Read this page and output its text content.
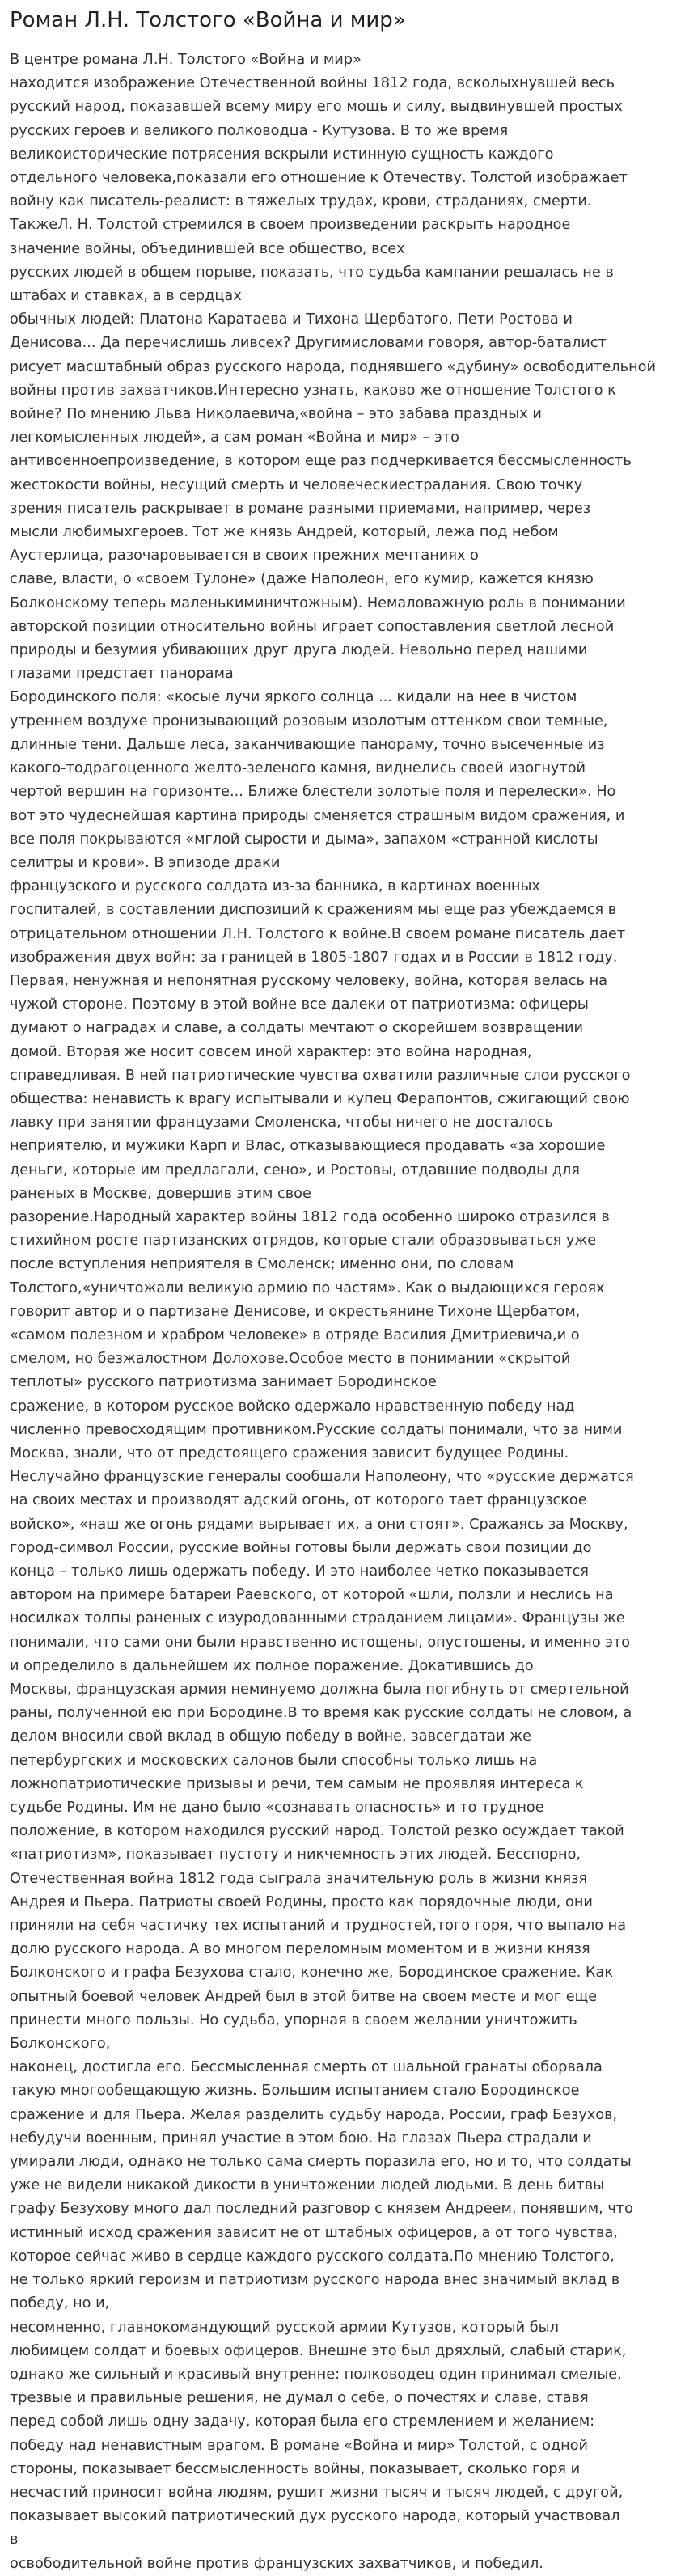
Роман Л.Н. Толстого «Война и мир»
В центре романа Л.Н. Толстого «Война и мир»
находится изображение Отечественной войны 1812 года, всколыхнувшей весь
русский народ, показавшей всему миру его мощь и силу, выдвинувшей простых
русских героев и великого полководца - Кутузова. В то же время
великоисторические потрясения вскрыли истинную сущность каждого
отдельного человека,показали его отношение к Отечеству. Толстой изображает
войну как писатель-реалист: в тяжелых трудах, крови, страданиях, смерти.
ТакжеЛ. Н. Толстой стремился в своем произведении раскрыть народное
значение войны, объединившей все общество, всех
русских людей в общем порыве, показать, что судьба кампании решалась не в
штабах и ставках, а в сердцах
обычных людей: Платона Каратаева и Тихона Щербатого, Пети Ростова и
Денисова... Да перечислишь ливсех? Другимисловами говоря, автор-баталист
рисует масштабный образ русского народа, поднявшего «дубину» освободительной
войны против захватчиков.Интересно узнать, каково же отношение Толстого к
войне? По мнению Льва Николаевича,«война – это забава праздных и
легкомысленных людей», а сам роман «Война и мир» – это
антивоенноепроизведение, в котором еще раз подчеркивается бессмысленность
жестокости войны, несущий смерть и человеческиестрадания. Свою точку
зрения писатель раскрывает в романе разными приемами, например, через
мысли любимыхгероев. Тот же князь Андрей, который, лежа под небом
Аустерлица, разочаровывается в своих прежних мечтаниях о
славе, власти, о «своем Тулоне» (даже Наполеон, его кумир, кажется князю
Болконскому теперь маленькиминичтожным). Немаловажную роль в понимании
авторской позиции относительно войны играет сопоставления светлой лесной
природы и безумия убивающих друг друга людей. Невольно перед нашими
глазами предстает панорама
Бородинского поля: «косые лучи яркого солнца ... кидали на нее в чистом
утреннем воздухе пронизывающий розовым изолотым оттенком свои темные,
длинные тени. Дальше леса, заканчивающие панораму, точно высеченные из
какого-тодрагоценного желто-зеленого камня, виднелись своей изогнутой
чертой вершин на горизонте... Ближе блестели золотые поля и перелески». Но
вот это чудеснейшая картина природы сменяется страшным видом сражения, и
все поля покрываются «мглой сырости и дыма», запахом «странной кислоты
селитры и крови». В эпизоде драки
французского и русского солдата из-за банника, в картинах военных
госпиталей, в составлении диспозиций к сражениям мы еще раз убеждаемся в
отрицательном отношении Л.Н. Толстого к войне.В своем романе писатель дает
изображения двух войн: за границей в 1805-1807 годах и в России в 1812 году.
Первая, ненужная и непонятная русскому человеку, война, которая велась на
чужой стороне. Поэтому в этой войне все далеки от патриотизма: офицеры
думают о наградах и славе, а солдаты мечтают о скорейшем возвращении
домой. Вторая же носит совсем иной характер: это война народная,
справедливая. В ней патриотические чувства охватили различные слои русского
общества: ненависть к врагу испытывали и купец Ферапонтов, сжигающий свою
лавку при занятии французами Смоленска, чтобы ничего не досталось
неприятелю, и мужики Карп и Влас, отказывающиеся продавать «за хорошие
деньги, которые им предлагали, сено», и Ростовы, отдавшие подводы для
раненых в Москве, довершив этим свое
разорение.Народный характер войны 1812 года особенно широко отразился в
стихийном росте партизанских отрядов, которые стали образовываться уже
после вступления неприятеля в Смоленск; именно они, по словам
Толстого,«уничтожали великую армию по частям». Как о выдающихся героях
говорит автор и о партизане Денисове, и окрестьянине Тихоне Щербатом,
«самом полезном и храбром человеке» в отряде Василия Дмитриевича,и о
смелом, но безжалостном Долохове.Особое место в понимании «скрытой
теплоты» русского патриотизма занимает Бородинское
сражение, в котором русское войско одержало нравственную победу над
численно превосходящим противником.Русские солдаты понимали, что за ними
Москва, знали, что от предстоящего сражения зависит будущее Родины.
Неслучайно французские генералы сообщали Наполеону, что «русские держатся
на своих местах и производят адский огонь, от которого тает французское
войско», «наш же огонь рядами вырывает их, а они стоят». Сражаясь за Москву,
город-символ России, русские войны готовы были держать свои позиции до
конца – только лишь одержать победу. И это наиболее четко показывается
автором на примере батареи Раевского, от которой «шли, ползли и неслись на
носилках толпы раненых с изуродованными страданием лицами». Французы же
понимали, что сами они были нравственно истощены, опустошены, и именно это
и определило в дальнейшем их полное поражение. Докатившись до
Москвы, французская армия неминуемо должна была погибнуть от смертельной
раны, полученной ею при Бородине.В то время как русские солдаты не словом, а
делом вносили свой вклад в общую победу в войне, завсегдатаи же
петербургских и московских салонов были способны только лишь на
ложнопатриотические призывы и речи, тем самым не проявляя интереса к
судьбе Родины. Им не дано было «сознавать опасность» и то трудное
положение, в котором находился русский народ. Толстой резко осуждает такой
«патриотизм», показывает пустоту и никчемность этих людей. Бесспорно,
Отечественная война 1812 года сыграла значительную роль в жизни князя
Андрея и Пьера. Патриоты своей Родины, просто как порядочные люди, они
приняли на себя частичку тех испытаний и трудностей,того горя, что выпало на
долю русского народа. А во многом переломным моментом и в жизни князя
Болконского и графа Безухова стало, конечно же, Бородинское сражение. Как
опытный боевой человек Андрей был в этой битве на своем месте и мог еще
принести много пользы. Но судьба, упорная в своем желании уничтожить
Болконского,
наконец, достигла его. Бессмысленная смерть от шальной гранаты оборвала
такую многообещающую жизнь. Большим испытанием стало Бородинское
сражение и для Пьера. Желая разделить судьбу народа, России, граф Безухов,
небудучи военным, принял участие в этом бою. На глазах Пьера страдали и
умирали люди, однако не только сама смерть поразила его, но и то, что солдаты
уже не видели никакой дикости в уничтожении людей людьми. В день битвы
графу Безухову много дал последний разговор с князем Андреем, понявшим, что
истинный исход сражения зависит не от штабных офицеров, а от того чувства,
которое сейчас живо в сердце каждого русского солдата.По мнению Толстого,
не только яркий героизм и патриотизм русского народа внес значимый вклад в
победу, но и,
несомненно, главнокомандующий русской армии Кутузов, который был
любимцем солдат и боевых офицеров. Внешне это был дряхлый, слабый старик,
однако же сильный и красивый внутренне: полководец один принимал смелые,
трезвые и правильные решения, не думал о себе, о почестях и славе, ставя
перед собой лишь одну задачу, которая была его стремлением и желанием:
победу над ненавистным врагом. В романе «Война и мир» Толстой, с одной
стороны, показывает бессмысленность войны, показывает, сколько горя и
несчастий приносит война людям, рушит жизни тысяч и тысяч людей, с другой,
показывает высокий патриотический дух русского народа, который участвовал
в
освободительной войне против французских захватчиков, и победил.
